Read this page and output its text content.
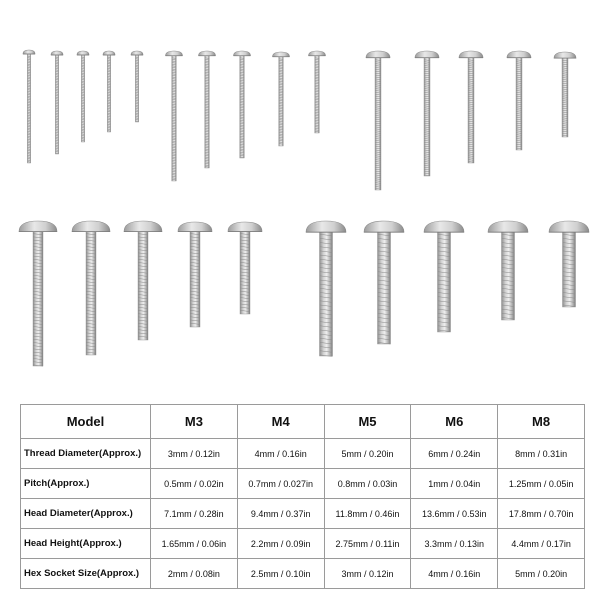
Model	M3	M4	M5	M6	M8
Thread Diameter(Approx.)	3mm / 0.12in	4mm / 0.16in	5mm / 0.20in	6mm / 0.24in	8mm / 0.31in
Pitch(Approx.)	0.5mm / 0.02in	0.7mm / 0.027in	0.8mm / 0.03in	1mm / 0.04in	1.25mm / 0.05in
Head Diameter(Approx.)	7.1mm / 0.28in	9.4mm / 0.37in	11.8mm / 0.46in	13.6mm / 0.53in	17.8mm / 0.70in
Head Height(Approx.)	1.65mm / 0.06in	2.2mm / 0.09in	2.75mm / 0.11in	3.3mm / 0.13in	4.4mm / 0.17in
Hex Socket Size(Approx.)	2mm / 0.08in	2.5mm / 0.10in	3mm / 0.12in	4mm / 0.16in	5mm / 0.20in
